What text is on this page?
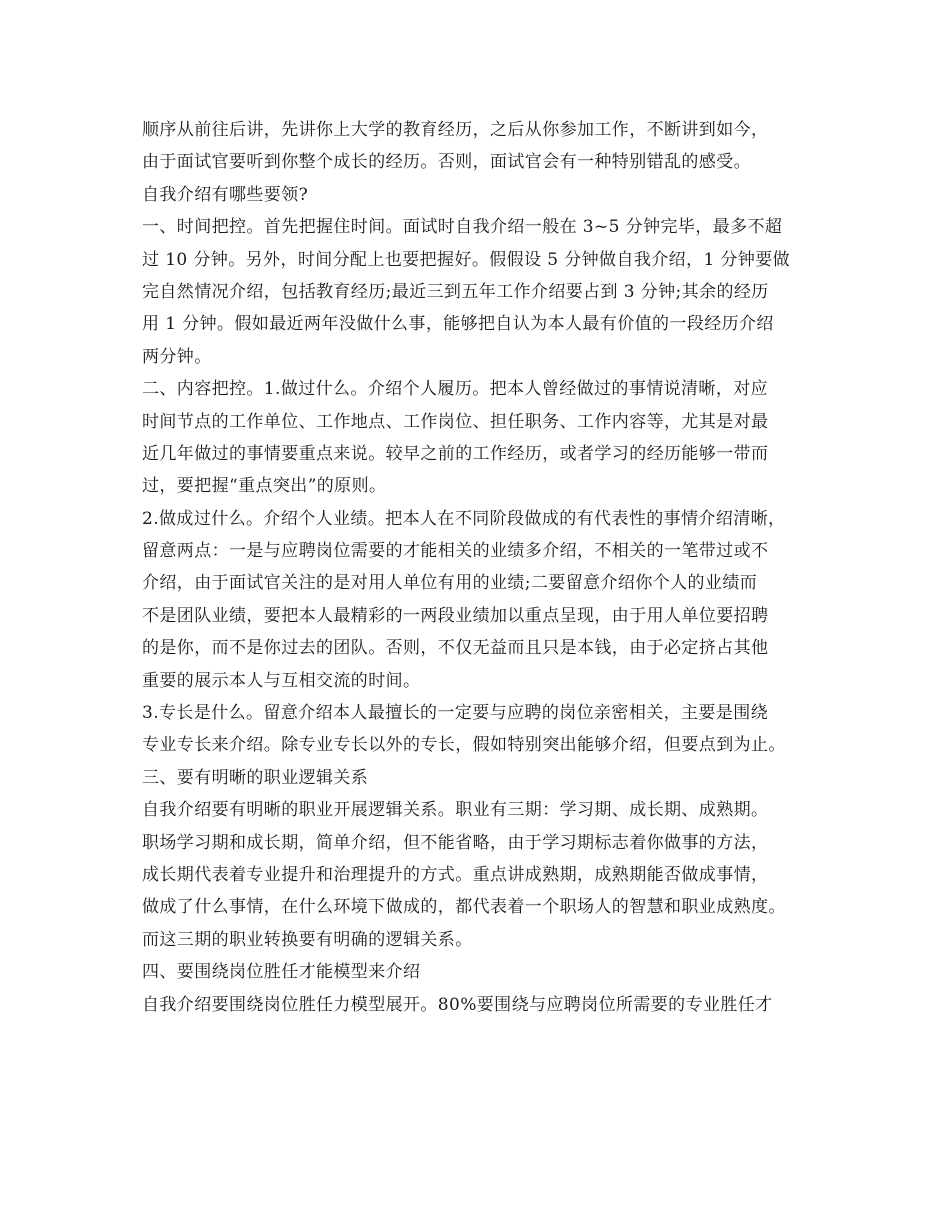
顺序从前往后讲，先讲你上大学的教育经历，之后从你参加工作，不断讲到如今，
由于面试官要听到你整个成长的经历。否则，面试官会有一种特别错乱的感受。
自我介绍有哪些要领?
一、时间把控。首先把握住时间。面试时自我介绍一般在 3~5 分钟完毕，最多不超
过 10 分钟。另外，时间分配上也要把握好。假假设 5 分钟做自我介绍，1 分钟要做
完自然情况介绍，包括教育经历;最近三到五年工作介绍要占到 3 分钟;其余的经历
用 1 分钟。假如最近两年没做什么事，能够把自认为本人最有价值的一段经历介绍
两分钟。
二、内容把控。1.做过什么。介绍个人履历。把本人曾经做过的事情说清晰，对应
时间节点的工作单位、工作地点、工作岗位、担任职务、工作内容等，尤其是对最
近几年做过的事情要重点来说。较早之前的工作经历，或者学习的经历能够一带而
过，要把握“重点突出”的原则。
2.做成过什么。介绍个人业绩。把本人在不同阶段做成的有代表性的事情介绍清晰，
留意两点：一是与应聘岗位需要的才能相关的业绩多介绍，不相关的一笔带过或不
介绍，由于面试官关注的是对用人单位有用的业绩;二要留意介绍你个人的业绩而
不是团队业绩，要把本人最精彩的一两段业绩加以重点呈现，由于用人单位要招聘
的是你，而不是你过去的团队。否则，不仅无益而且只是本钱，由于必定挤占其他
重要的展示本人与互相交流的时间。
3.专长是什么。留意介绍本人最擅长的一定要与应聘的岗位亲密相关，主要是围绕
专业专长来介绍。除专业专长以外的专长，假如特别突出能够介绍，但要点到为止。
三、要有明晰的职业逻辑关系
自我介绍要有明晰的职业开展逻辑关系。职业有三期：学习期、成长期、成熟期。
职场学习期和成长期，简单介绍，但不能省略，由于学习期标志着你做事的方法，
成长期代表着专业提升和治理提升的方式。重点讲成熟期，成熟期能否做成事情，
做成了什么事情，在什么环境下做成的，都代表着一个职场人的智慧和职业成熟度。
而这三期的职业转换要有明确的逻辑关系。
四、要围绕岗位胜任才能模型来介绍
自我介绍要围绕岗位胜任力模型展开。80%要围绕与应聘岗位所需要的专业胜任才
